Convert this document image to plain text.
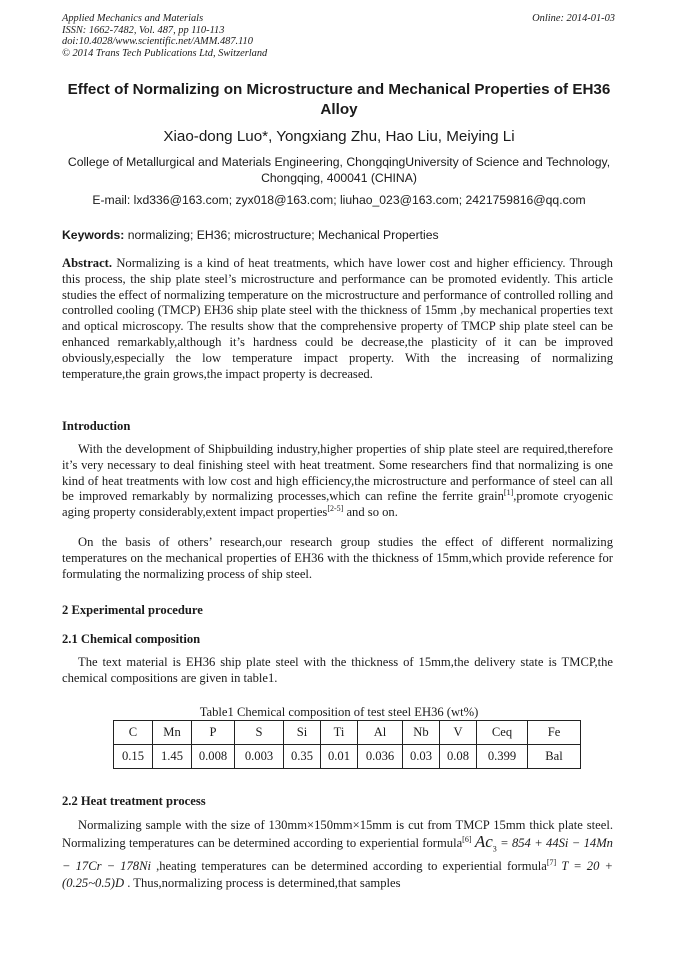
Applied Mechanics and Materials
ISSN: 1662-7482, Vol. 487, pp 110-113
doi:10.4028/www.scientific.net/AMM.487.110
© 2014 Trans Tech Publications Ltd, Switzerland
Online: 2014-01-03
Effect of Normalizing on Microstructure and Mechanical Properties of EH36 Alloy
Xiao-dong Luo*, Yongxiang Zhu, Hao Liu, Meiying Li
College of Metallurgical and Materials Engineering, ChongqingUniversity of Science and Technology, Chongqing, 400041 (CHINA)
E-mail: lxd336@163.com; zyx018@163.com; liuhao_023@163.com; 2421759816@qq.com
Keywords: normalizing; EH36; microstructure; Mechanical Properties
Abstract. Normalizing is a kind of heat treatments, which have lower cost and higher efficiency. Through this process, the ship plate steel’s microstructure and performance can be promoted evidently. This article studies the effect of normalizing temperature on the microstructure and performance of controlled rolling and controlled cooling (TMCP) EH36 ship plate steel with the thickness of 15mm ,by mechanical properties text and optical microscopy. The results show that the comprehensive property of TMCP ship plate steel can be enhanced remarkably,although it’s hardness could be decrease,the plasticity of it can be improved obviously,especially the low temperature impact property. With the increasing of normalizing temperature,the grain grows,the impact property is decreased.
Introduction
With the development of Shipbuilding industry,higher properties of ship plate steel are required,therefore it’s very necessary to deal finishing steel with heat treatment. Some researchers find that normalizing is one kind of heat treatments with low cost and high efficiency,the microstructure and performance of steel can all be improved remarkably by normalizing processes,which can refine the ferrite grain[1],promote cryogenic aging property considerably,extent impact properties[2-5] and so on.
On the basis of others’ research,our research group studies the effect of different normalizing temperatures on the mechanical properties of EH36 with the thickness of 15mm,which provide reference for formulating the normalizing process of ship steel.
2 Experimental procedure
2.1 Chemical composition
The text material is EH36 ship plate steel with the thickness of 15mm,the delivery state is TMCP,the chemical compositions are given in table1.
Table1 Chemical composition of test steel EH36 (wt%)
C	Mn	P	S	Si	Ti	Al	Nb	V	Ceq	Fe
0.15	1.45	0.008	0.003	0.35	0.01	0.036	0.03	0.08	0.399	Bal
2.2 Heat treatment process
Normalizing sample with the size of 130mm×150mm×15mm is cut from TMCP 15mm thick plate steel. Normalizing temperatures can be determined according to experiential formula[6] $Ac_3 = 854 + 44Si - 14Mn - 17Cr - 178Ni$ ,heating temperatures can be determined according to experiential formula[7] T = 20 + (0.25~0.5)D . Thus,normalizing process is determined,that samples
